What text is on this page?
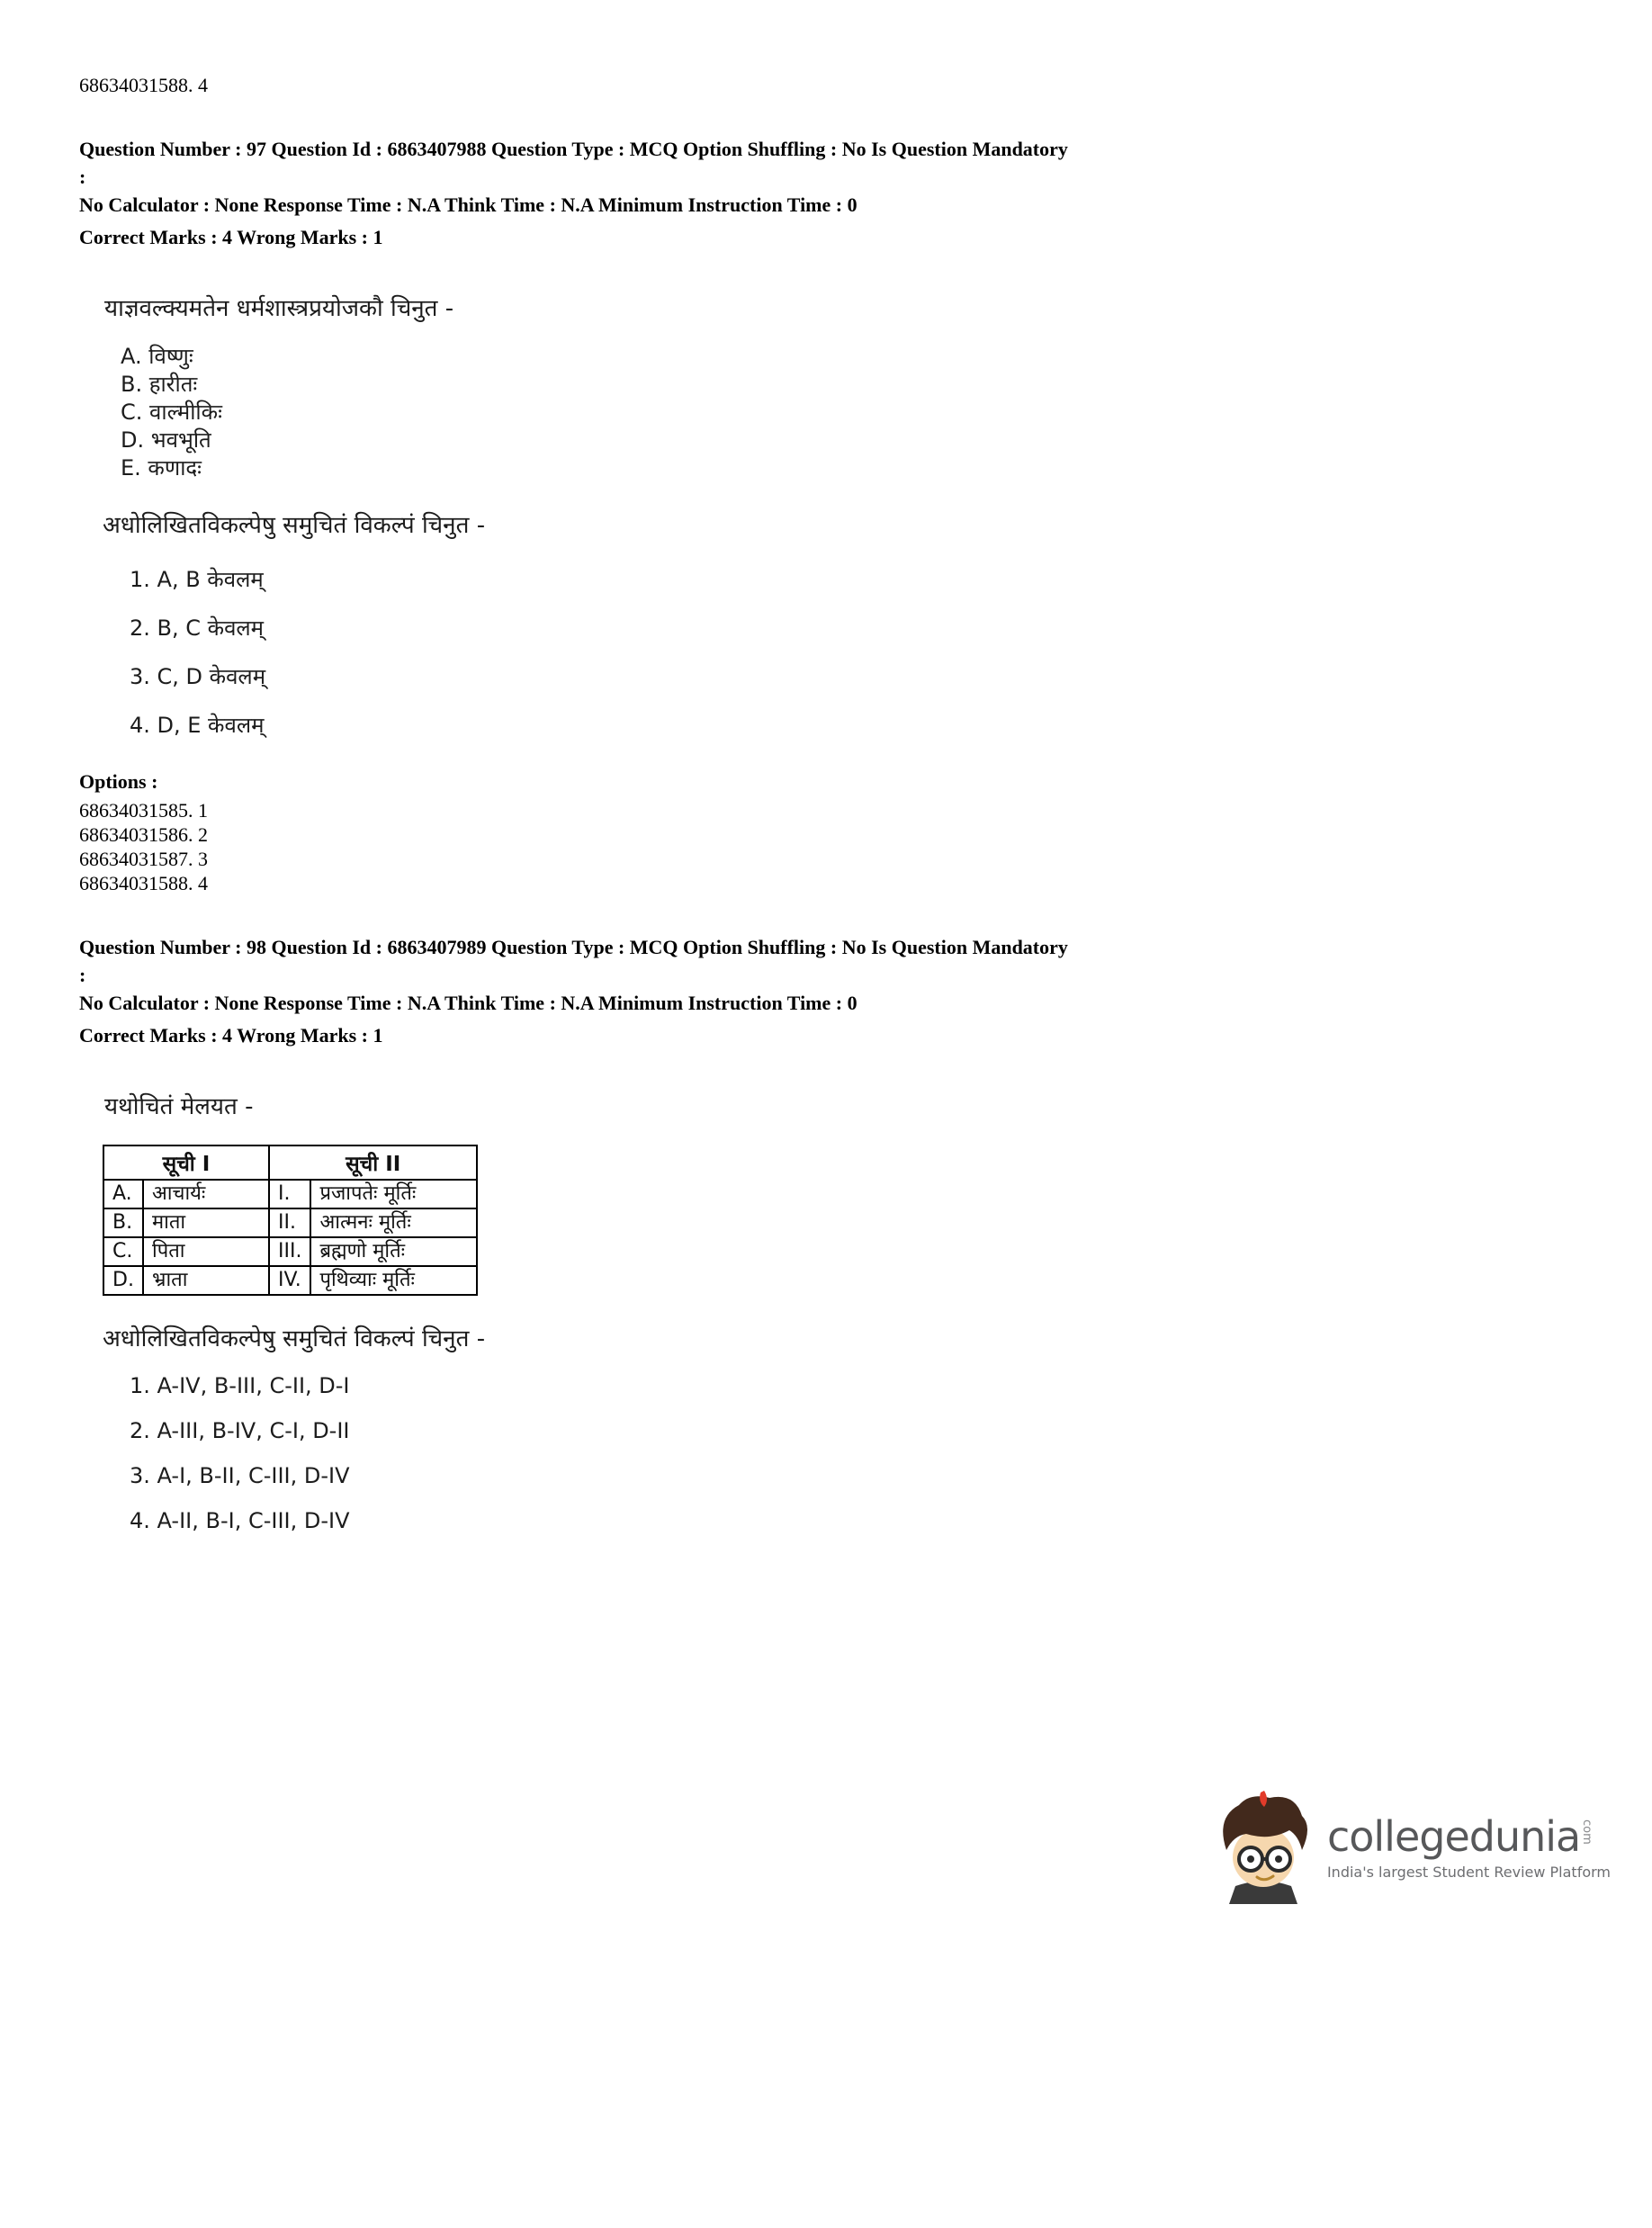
68634031588. 4
Question Number : 97 Question Id : 6863407988 Question Type : MCQ Option Shuffling : No Is Question Mandatory :
No Calculator : None Response Time : N.A Think Time : N.A Minimum Instruction Time : 0
Correct Marks : 4 Wrong Marks : 1
याज्ञवल्क्यमतेन धर्मशास्त्रप्रयोजकौ चिनुत -
A. विष्णुः
B. हारीतः
C. वाल्मीकिः
D. भवभूति
E. कणादः
अधोलिखितविकल्पेषु समुचितं विकल्पं चिनुत -
1. A, B केवलम्
2. B, C केवलम्
3. C, D केवलम्
4. D, E केवलम्
Options :
68634031585. 1
68634031586. 2
68634031587. 3
68634031588. 4
Question Number : 98 Question Id : 6863407989 Question Type : MCQ Option Shuffling : No Is Question Mandatory :
No Calculator : None Response Time : N.A Think Time : N.A Minimum Instruction Time : 0
Correct Marks : 4 Wrong Marks : 1
यथोचितं मेलयत -
सूची I		सूची II	
A.	आचार्यः	I.	प्रजापतेः मूर्तिः
B.	माता	II.	आत्मनः मूर्तिः
C.	पिता	III.	ब्रह्मणो मूर्तिः
D.	भ्राता	IV.	पृथिव्याः मूर्तिः
अधोलिखितविकल्पेषु समुचितं विकल्पं चिनुत -
1. A-IV, B-III, C-II, D-I
2. A-III, B-IV, C-I, D-II
3. A-I, B-II, C-III, D-IV
4. A-II, B-I, C-III, D-IV
collegedunia com
India's largest Student Review Platform
